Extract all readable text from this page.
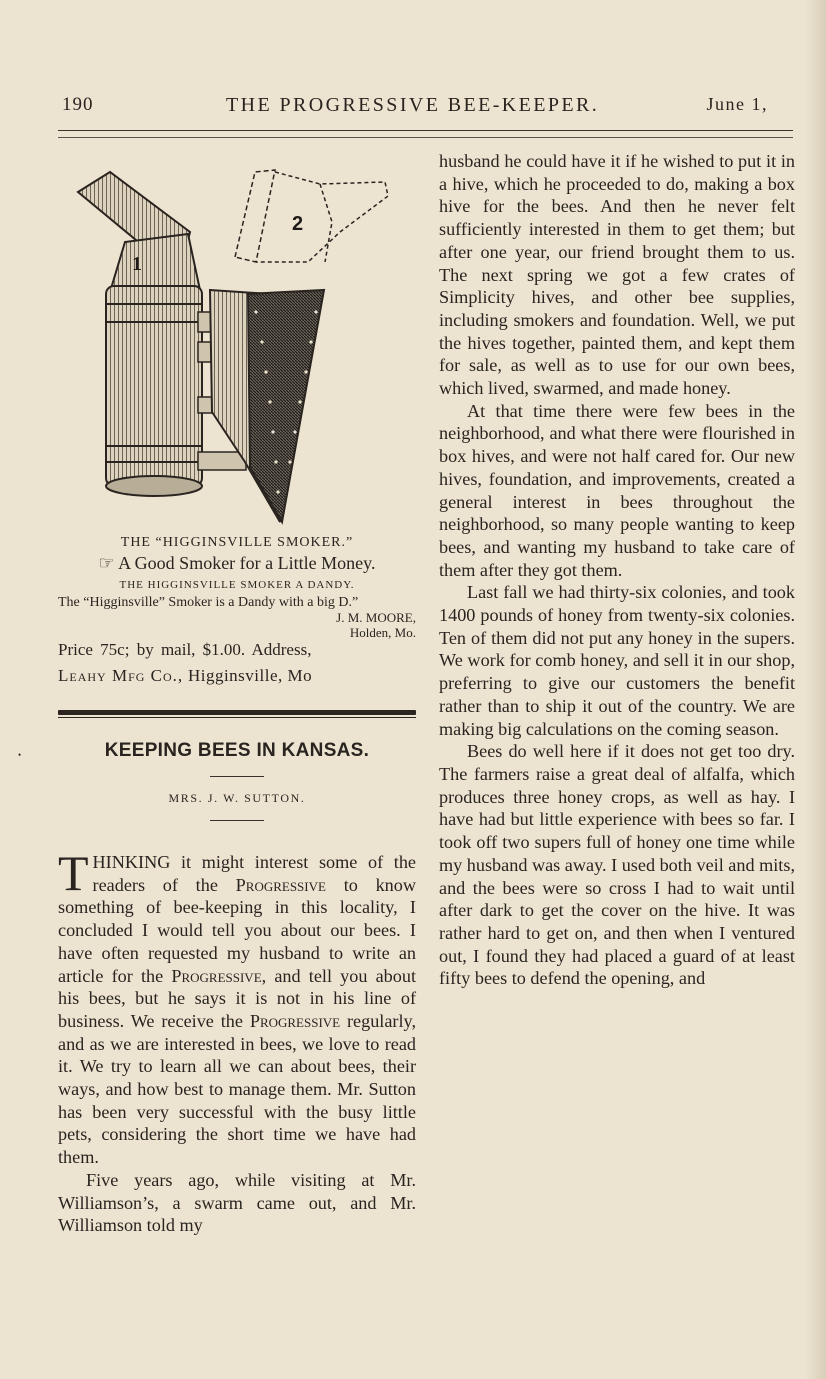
190	THE PROGRESSIVE BEE-KEEPER.	June 1,
•
1
2
THE “HIGGINSVILLE SMOKER.”
☞ A Good Smoker for a Little Money.
THE HIGGINSVILLE SMOKER A DANDY.
The “Higginsville” Smoker is a Dandy with a big D.”
J. M. MOORE,
Holden, Mo.
Price 75c; by mail, $1.00. Address,
Leahy Mfg Co., Higginsville, Mo
KEEPING BEES IN KANSAS.
MRS. J. W. SUTTON.

THINKING it might interest some of the readers of the Progressive to know something of bee-keeping in this locality, I concluded I would tell you about our bees. I have often requested my husband to write an article for the Progressive, and tell you about his bees, but he says it is not in his line of business. We receive the Progressive regularly, and as we are interested in bees, we love to read it. We try to learn all we can about bees, their ways, and how best to manage them. Mr. Sutton has been very successful with the busy little pets, considering the short time we have had them.

Five years ago, while visiting at Mr. Williamson’s, a swarm came out, and Mr. Williamson told my

husband he could have it if he wished to put it in a hive, which he proceeded to do, making a box hive for the bees. And then he never felt sufficiently interested in them to get them; but after one year, our friend brought them to us. The next spring we got a few crates of Simplicity hives, and other bee supplies, including smokers and foundation. Well, we put the hives together, painted them, and kept them for sale, as well as to use for our own bees, which lived, swarmed, and made honey.

At that time there were few bees in the neighborhood, and what there were flourished in box hives, and were not half cared for. Our new hives, foundation, and improvements, created a general interest in bees throughout the neighborhood, so many people wanting to keep bees, and wanting my husband to take care of them after they got them.

Last fall we had thirty-six colonies, and took 1400 pounds of honey from twenty-six colonies. Ten of them did not put any honey in the supers. We work for comb honey, and sell it in our shop, preferring to give our customers the benefit rather than to ship it out of the country. We are making big calculations on the coming season.

Bees do well here if it does not get too dry. The farmers raise a great deal of alfalfa, which produces three honey crops, as well as hay. I have had but little experience with bees so far. I took off two supers full of honey one time while my husband was away. I used both veil and mits, and the bees were so cross I had to wait until after dark to get the cover on the hive. It was rather hard to get on, and then when I ventured out, I found they had placed a guard of at least fifty bees to defend the opening, and
